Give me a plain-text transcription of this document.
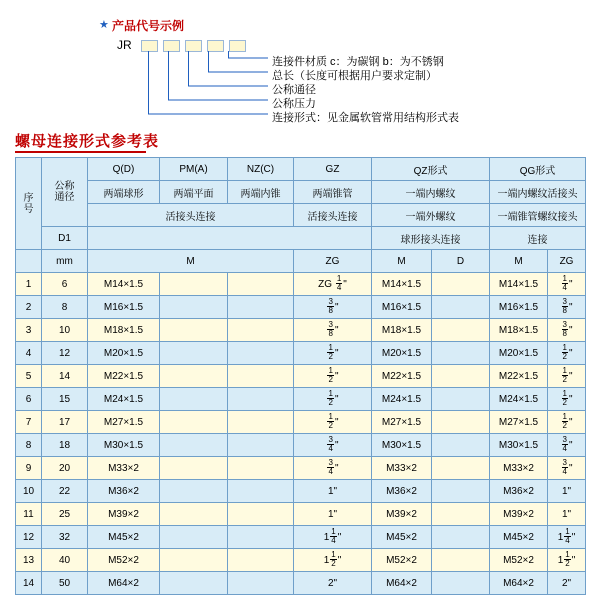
★ 产品代号示例
JR
连接件材质 c：为碳钢 b：为不锈钢
总长（长度可根据用户要求定制）
公称通径
公称压力
连接形式：见金属软管常用结构形式表
螺母连接形式参考表
序
号	公称
通径	Q(D)	PM(A)	NZ(C)	GZ	QZ形式		QG形式	
		两端球形	两端平面	两端内锥	两端锥管	一端内螺纹		一端内螺纹活接头	
		活接头连接			活接头连接	一端外螺纹		一端锥管螺纹接头	
	D1					球形接头连接		连接	
	mm	M			ZG	M	D	M	ZG
1	6	M14×1.5			ZG $\frac{1}{4}$ "	M14×1.5		M14×1.5	$\frac{1}{4}$ "
2	8	M16×1.5			$\frac{3}{8}$ "	M16×1.5		M16×1.5	$\frac{3}{8}$ "
3	10	M18×1.5			$\frac{3}{8}$ "	M18×1.5		M18×1.5	$\frac{3}{8}$ "
4	12	M20×1.5			$\frac{1}{2}$ "	M20×1.5		M20×1.5	$\frac{1}{2}$ "
5	14	M22×1.5			$\frac{1}{2}$ "	M22×1.5		M22×1.5	$\frac{1}{2}$ "
6	15	M24×1.5			$\frac{1}{2}$ "	M24×1.5		M24×1.5	$\frac{1}{2}$ "
7	17	M27×1.5			$\frac{1}{2}$ "	M27×1.5		M27×1.5	$\frac{1}{2}$ "
8	18	M30×1.5			$\frac{3}{4}$ "	M30×1.5		M30×1.5	$\frac{3}{4}$ "
9	20	M33×2			$\frac{3}{4}$ "	M33×2		M33×2	$\frac{3}{4}$ "
10	22	M36×2			1"	M36×2		M36×2	1"
11	25	M39×2			1"	M39×2		M39×2	1"
12	32	M45×2			$1 \frac{1}{4}$ "	M45×2		M45×2	$1 \frac{1}{4}$ "
13	40	M52×2			$1 \frac{1}{2}$ "	M52×2		M52×2	$1 \frac{1}{2}$ "
14	50	M64×2			2"	M64×2		M64×2	2"
